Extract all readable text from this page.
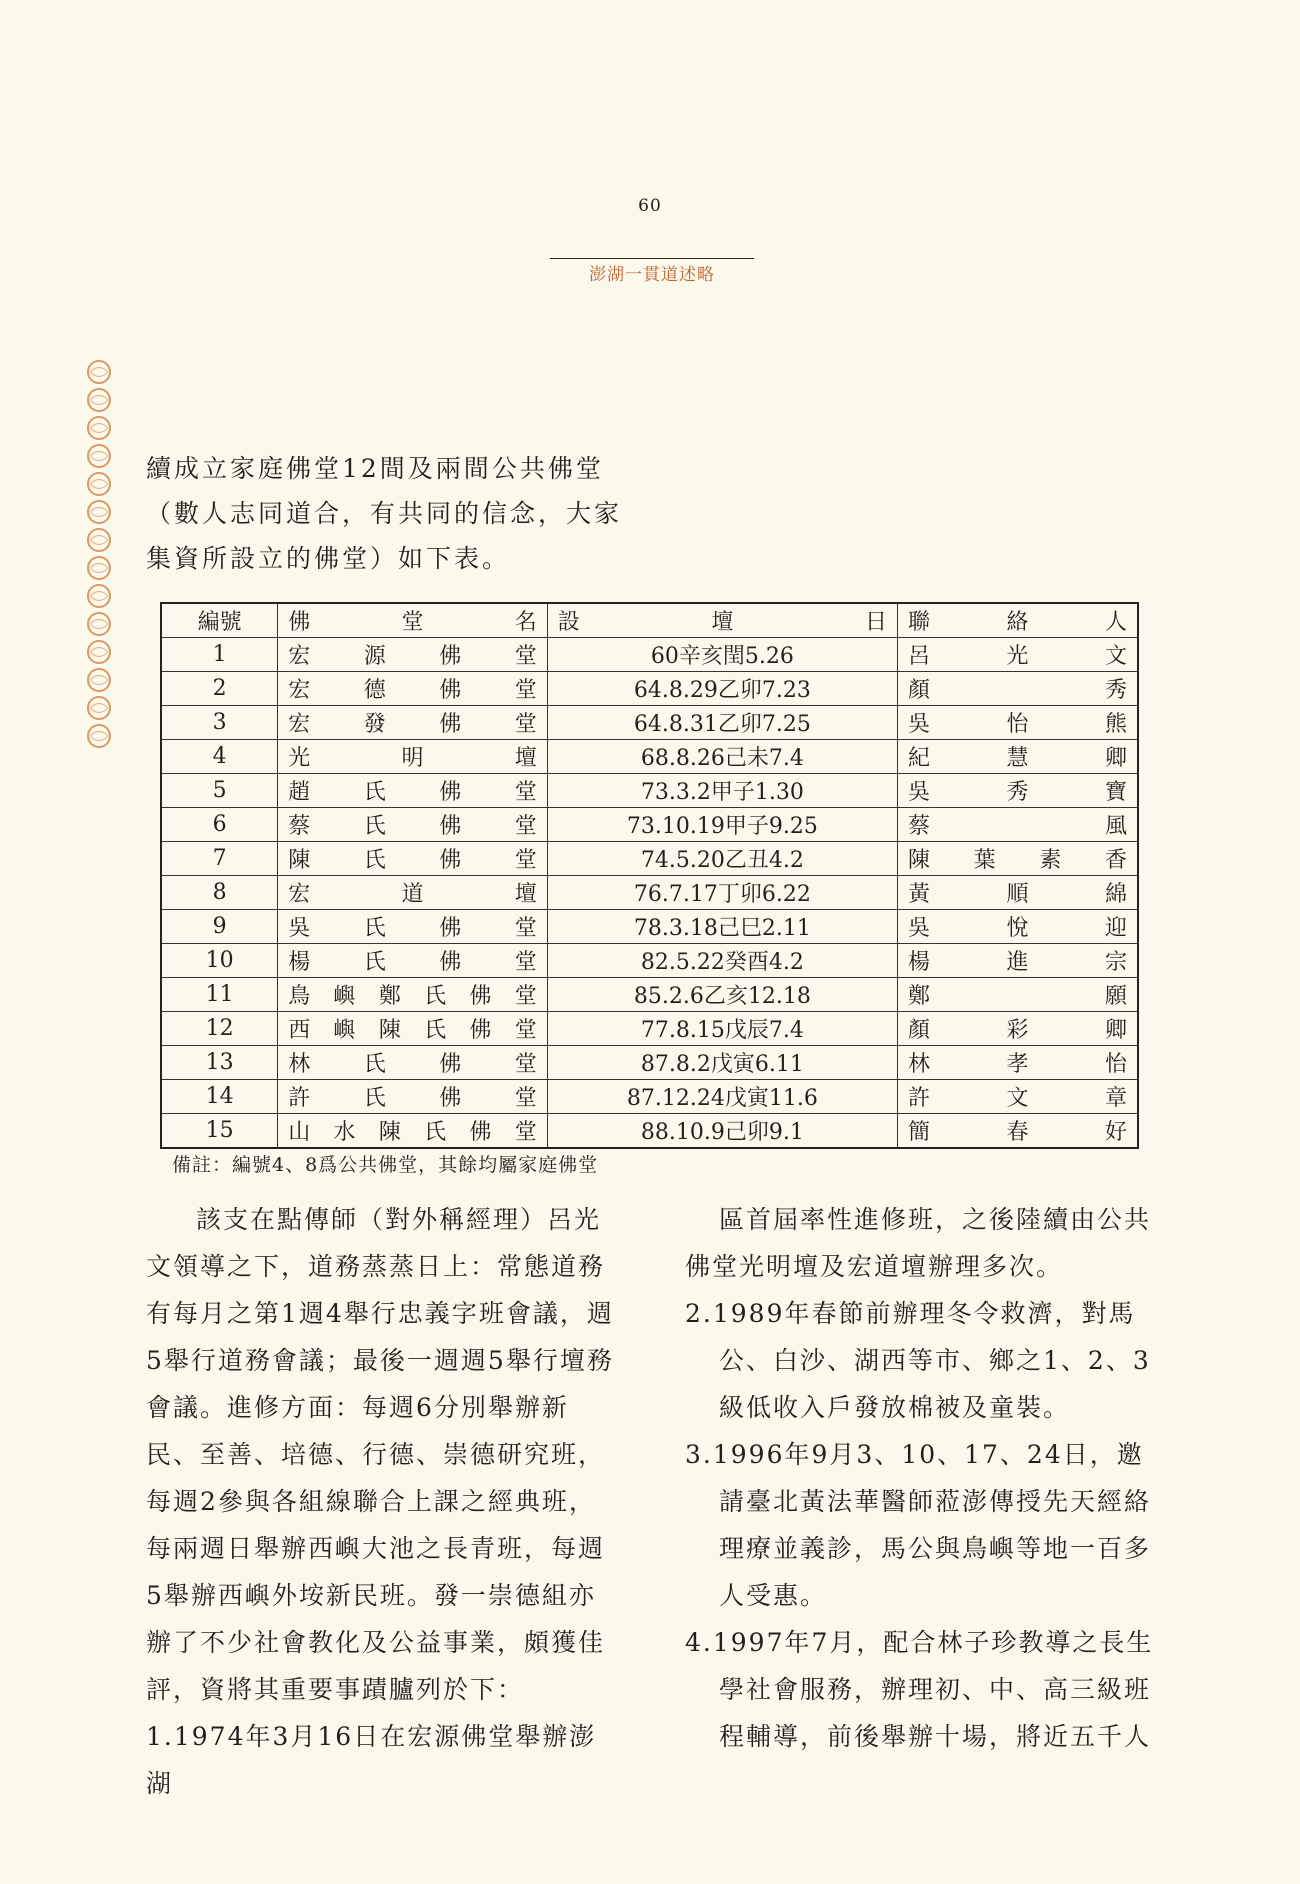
60
澎湖一貫道述略

續成立家庭佛堂12間及兩間公共佛堂

（數人志同道合，有共同的信念，大家

集資所設立的佛堂）如下表。

編號	佛　　　堂　　　名	設　　　　壇　　　　日	聯　　絡　　人
1	宏源佛堂	60辛亥閏5.26	呂光文
2	宏德佛堂	64.8.29乙卯7.23	顏秀
3	宏發佛堂	64.8.31乙卯7.25	吳怡熊
4	光明壇	68.8.26己未7.4	紀慧卿
5	趙氏佛堂	73.3.2甲子1.30	吳秀寶
6	蔡氏佛堂	73.10.19甲子9.25	蔡風
7	陳氏佛堂	74.5.20乙丑4.2	陳葉素香
8	宏道壇	76.7.17丁卯6.22	黃順綿
9	吳氏佛堂	78.3.18己巳2.11	吳悅迎
10	楊氏佛堂	82.5.22癸酉4.2	楊進宗
11	鳥嶼鄭氏佛堂	85.2.6乙亥12.18	鄭願
12	西嶼陳氏佛堂	77.8.15戊辰7.4	顏彩卿
13	林氏佛堂	87.8.2戊寅6.11	林孝怡
14	許氏佛堂	87.12.24戊寅11.6	許文章
15	山水陳氏佛堂	88.10.9己卯9.1	簡春好
備註：編號4、8爲公共佛堂，其餘均屬家庭佛堂

該支在點傳師（對外稱經理）呂光文領導之下，道務蒸蒸日上：常態道務有每月之第1週4舉行忠義字班會議，週5舉行道務會議；最後一週週5舉行壇務會議。進修方面：每週6分別舉辦新民、至善、培德、行德、崇德研究班，每週2參與各組線聯合上課之經典班，每兩週日舉辦西嶼大池之長青班，每週5舉辦西嶼外垵新民班。發一崇德組亦辦了不少社會教化及公益事業，頗獲佳評，資將其重要事蹟臚列於下：

1.1974年3月16日在宏源佛堂舉辦澎湖

區首屆率性進修班，之後陸續由公共佛堂光明壇及宏道壇辦理多次。

2.1989年春節前辦理冬令救濟，對馬公、白沙、湖西等市、鄉之1、2、3級低收入戶發放棉被及童裝。

3.1996年9月3、10、17、24日，邀請臺北黃法華醫師蒞澎傳授先天經絡理療並義診，馬公與鳥嶼等地一百多人受惠。

4.1997年7月，配合林子珍教導之長生學社會服務，辦理初、中、高三級班程輔導，前後舉辦十場，將近五千人
